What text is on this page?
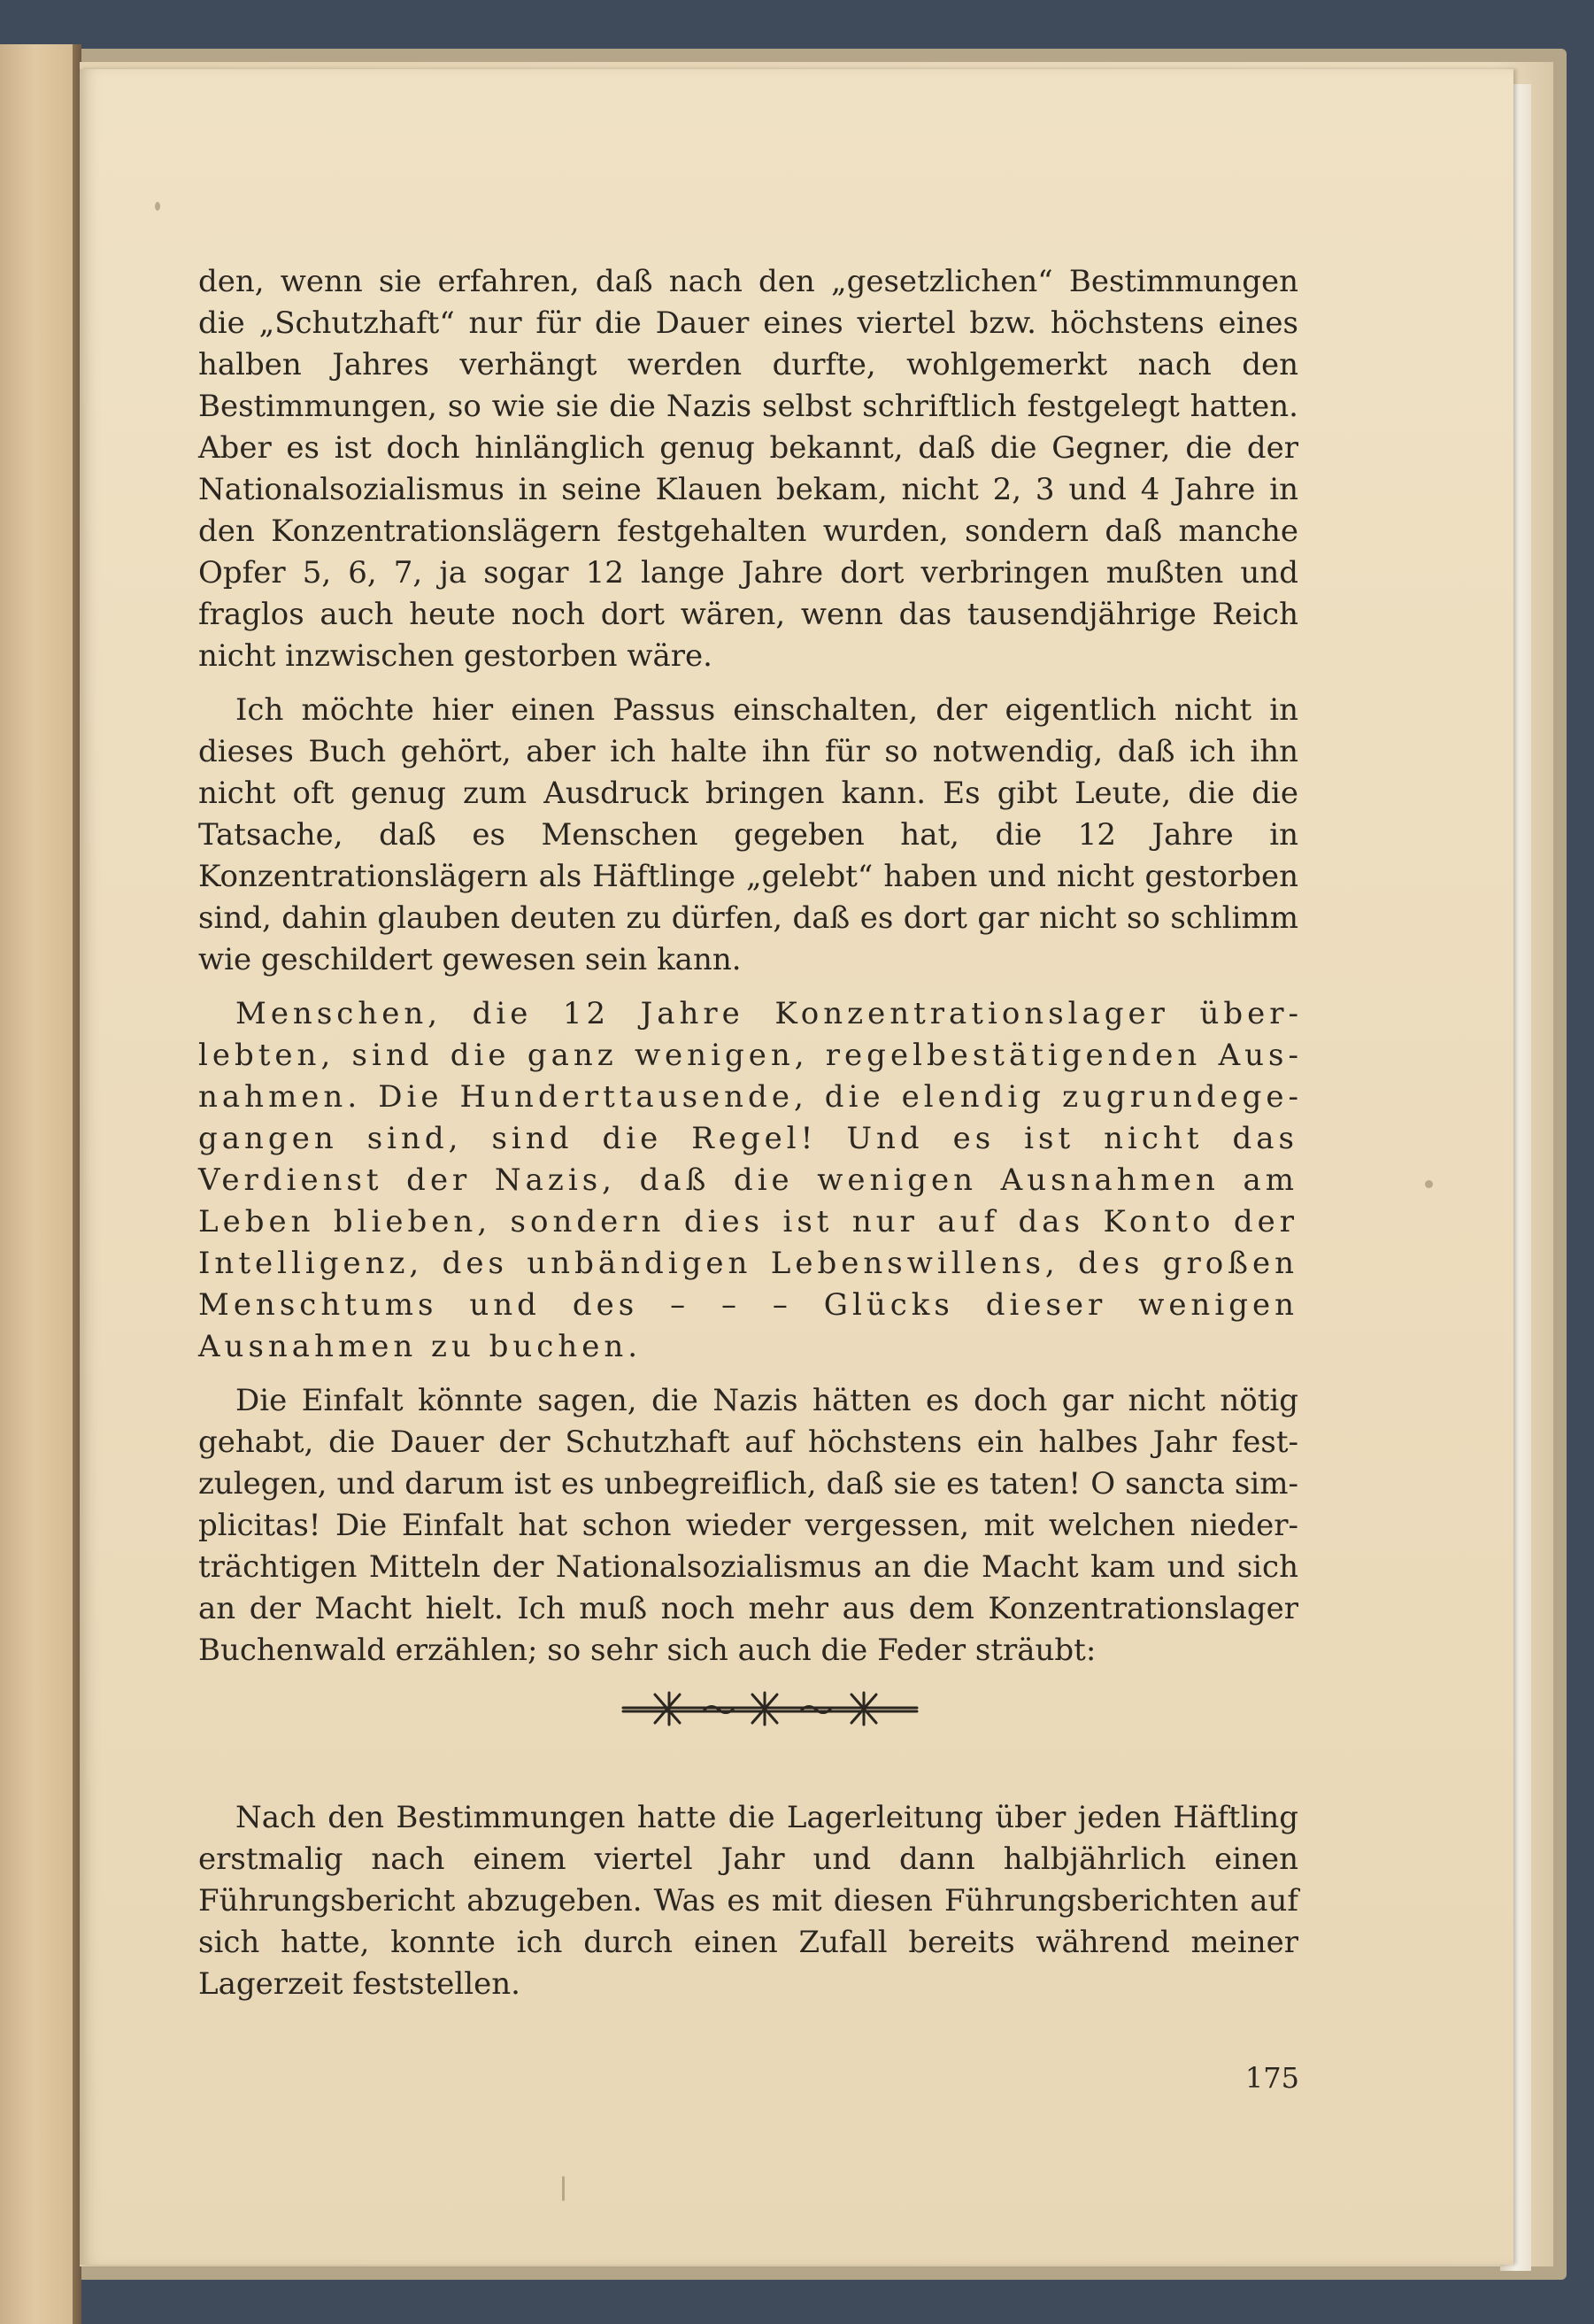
den, wenn sie erfahren, daß nach den „gesetzlichen“ Bestimmungen die „Schutzhaft“ nur für die Dauer eines viertel bzw. höchstens eines halben Jahres verhängt werden durfte, wohlgemerkt nach den Bestimmungen, so wie sie die Nazis selbst schriftlich festgelegt hatten. Aber es ist doch hinlänglich genug bekannt, daß die Gegner, die der Nationalsozialismus in seine Klauen bekam, nicht 2, 3 und 4 Jahre in den Konzentrationslägern festgehalten wurden, sondern daß manche Opfer 5, 6, 7, ja sogar 12 lange Jahre dort verbringen mußten und fraglos auch heute noch dort wären, wenn das tausendjährige Reich nicht inzwischen gestorben wäre.

Ich möchte hier einen Passus einschalten, der eigentlich nicht in dieses Buch gehört, aber ich halte ihn für so notwendig, daß ich ihn nicht oft genug zum Ausdruck bringen kann. Es gibt Leute, die die Tatsache, daß es Menschen gegeben hat, die 12 Jahre in Konzentrationslägern als Häftlinge „gelebt“ haben und nicht gestorben sind, dahin glauben deuten zu dürfen, daß es dort gar nicht so schlimm wie geschildert gewesen sein kann.

Menschen, die 12 Jahre Konzentrationslager überlebten, sind die ganz wenigen, regelbestätigenden Ausnahmen. Die Hunderttausende, die elendig zugrundegegangen sind, sind die Regel! Und es ist nicht das Verdienst der Nazis, daß die wenigen Ausnahmen am Leben blieben, sondern dies ist nur auf das Konto der Intelligenz, des unbändigen Lebenswillens, des großen Menschtums und des – – – Glücks dieser wenigen Ausnahmen zu buchen.

Die Einfalt könnte sagen, die Nazis hätten es doch gar nicht nötig gehabt, die Dauer der Schutzhaft auf höchstens ein halbes Jahr festzulegen, und darum ist es unbegreiflich, daß sie es taten! O sancta simplicitas! Die Einfalt hat schon wieder vergessen, mit welchen niederträchtigen Mitteln der Nationalsozialismus an die Macht kam und sich an der Macht hielt. Ich muß noch mehr aus dem Konzentrationslager Buchenwald erzählen; so sehr sich auch die Feder sträubt:

Nach den Bestimmungen hatte die Lagerleitung über jeden Häftling erstmalig nach einem viertel Jahr und dann halbjährlich einen Führungsbericht abzugeben. Was es mit diesen Führungsberichten auf sich hatte, konnte ich durch einen Zufall bereits während meiner Lagerzeit feststellen.

175
